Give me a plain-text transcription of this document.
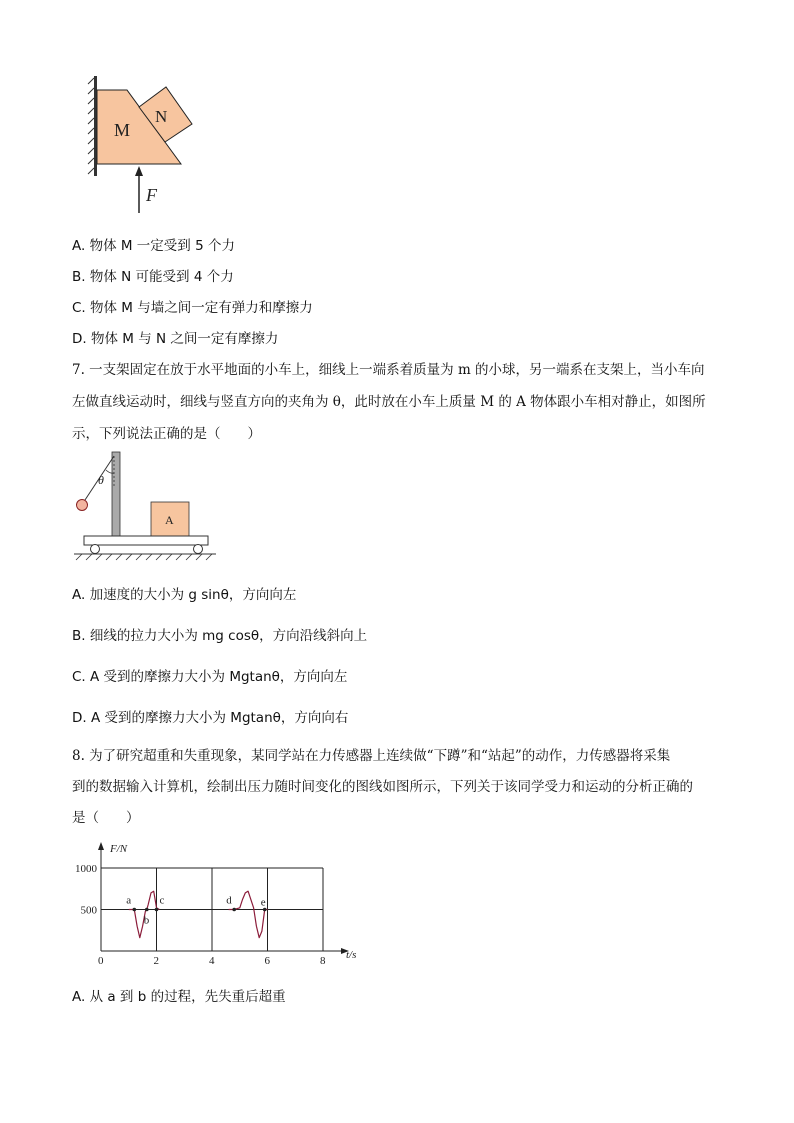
M
N
F
A. 物体 M 一定受到 5 个力
B. 物体 N 可能受到 4 个力
C. 物体 M 与墙之间一定有弹力和摩擦力
D. 物体 M 与 N 之间一定有摩擦力
7. 一支架固定在放于水平地面的小车上，细线上一端系着质量为 m 的小球，另一端系在支架上，当小车向
左做直线运动时，细线与竖直方向的夹角为 θ，此时放在小车上质量 M 的 A 物体跟小车相对静止，如图所
示，下列说法正确的是（　　）
θ
A
A. 加速度的大小为 g sinθ，方向向左
B. 细线的拉力大小为 mg cosθ，方向沿线斜向上
C. A 受到的摩擦力大小为 Mgtanθ，方向向左
D. A 受到的摩擦力大小为 Mgtanθ，方向向右
8. 为了研究超重和失重现象，某同学站在力传感器上连续做“下蹲”和“站起”的动作，力传感器将采集
到的数据输入计算机，绘制出压力随时间变化的图线如图所示，下列关于该同学受力和运动的分析正确的
是（　　）
0	2	4	6	8
500
1000
a
b
c	d	e
F/N
t/s
A. 从 a 到 b 的过程，先失重后超重
